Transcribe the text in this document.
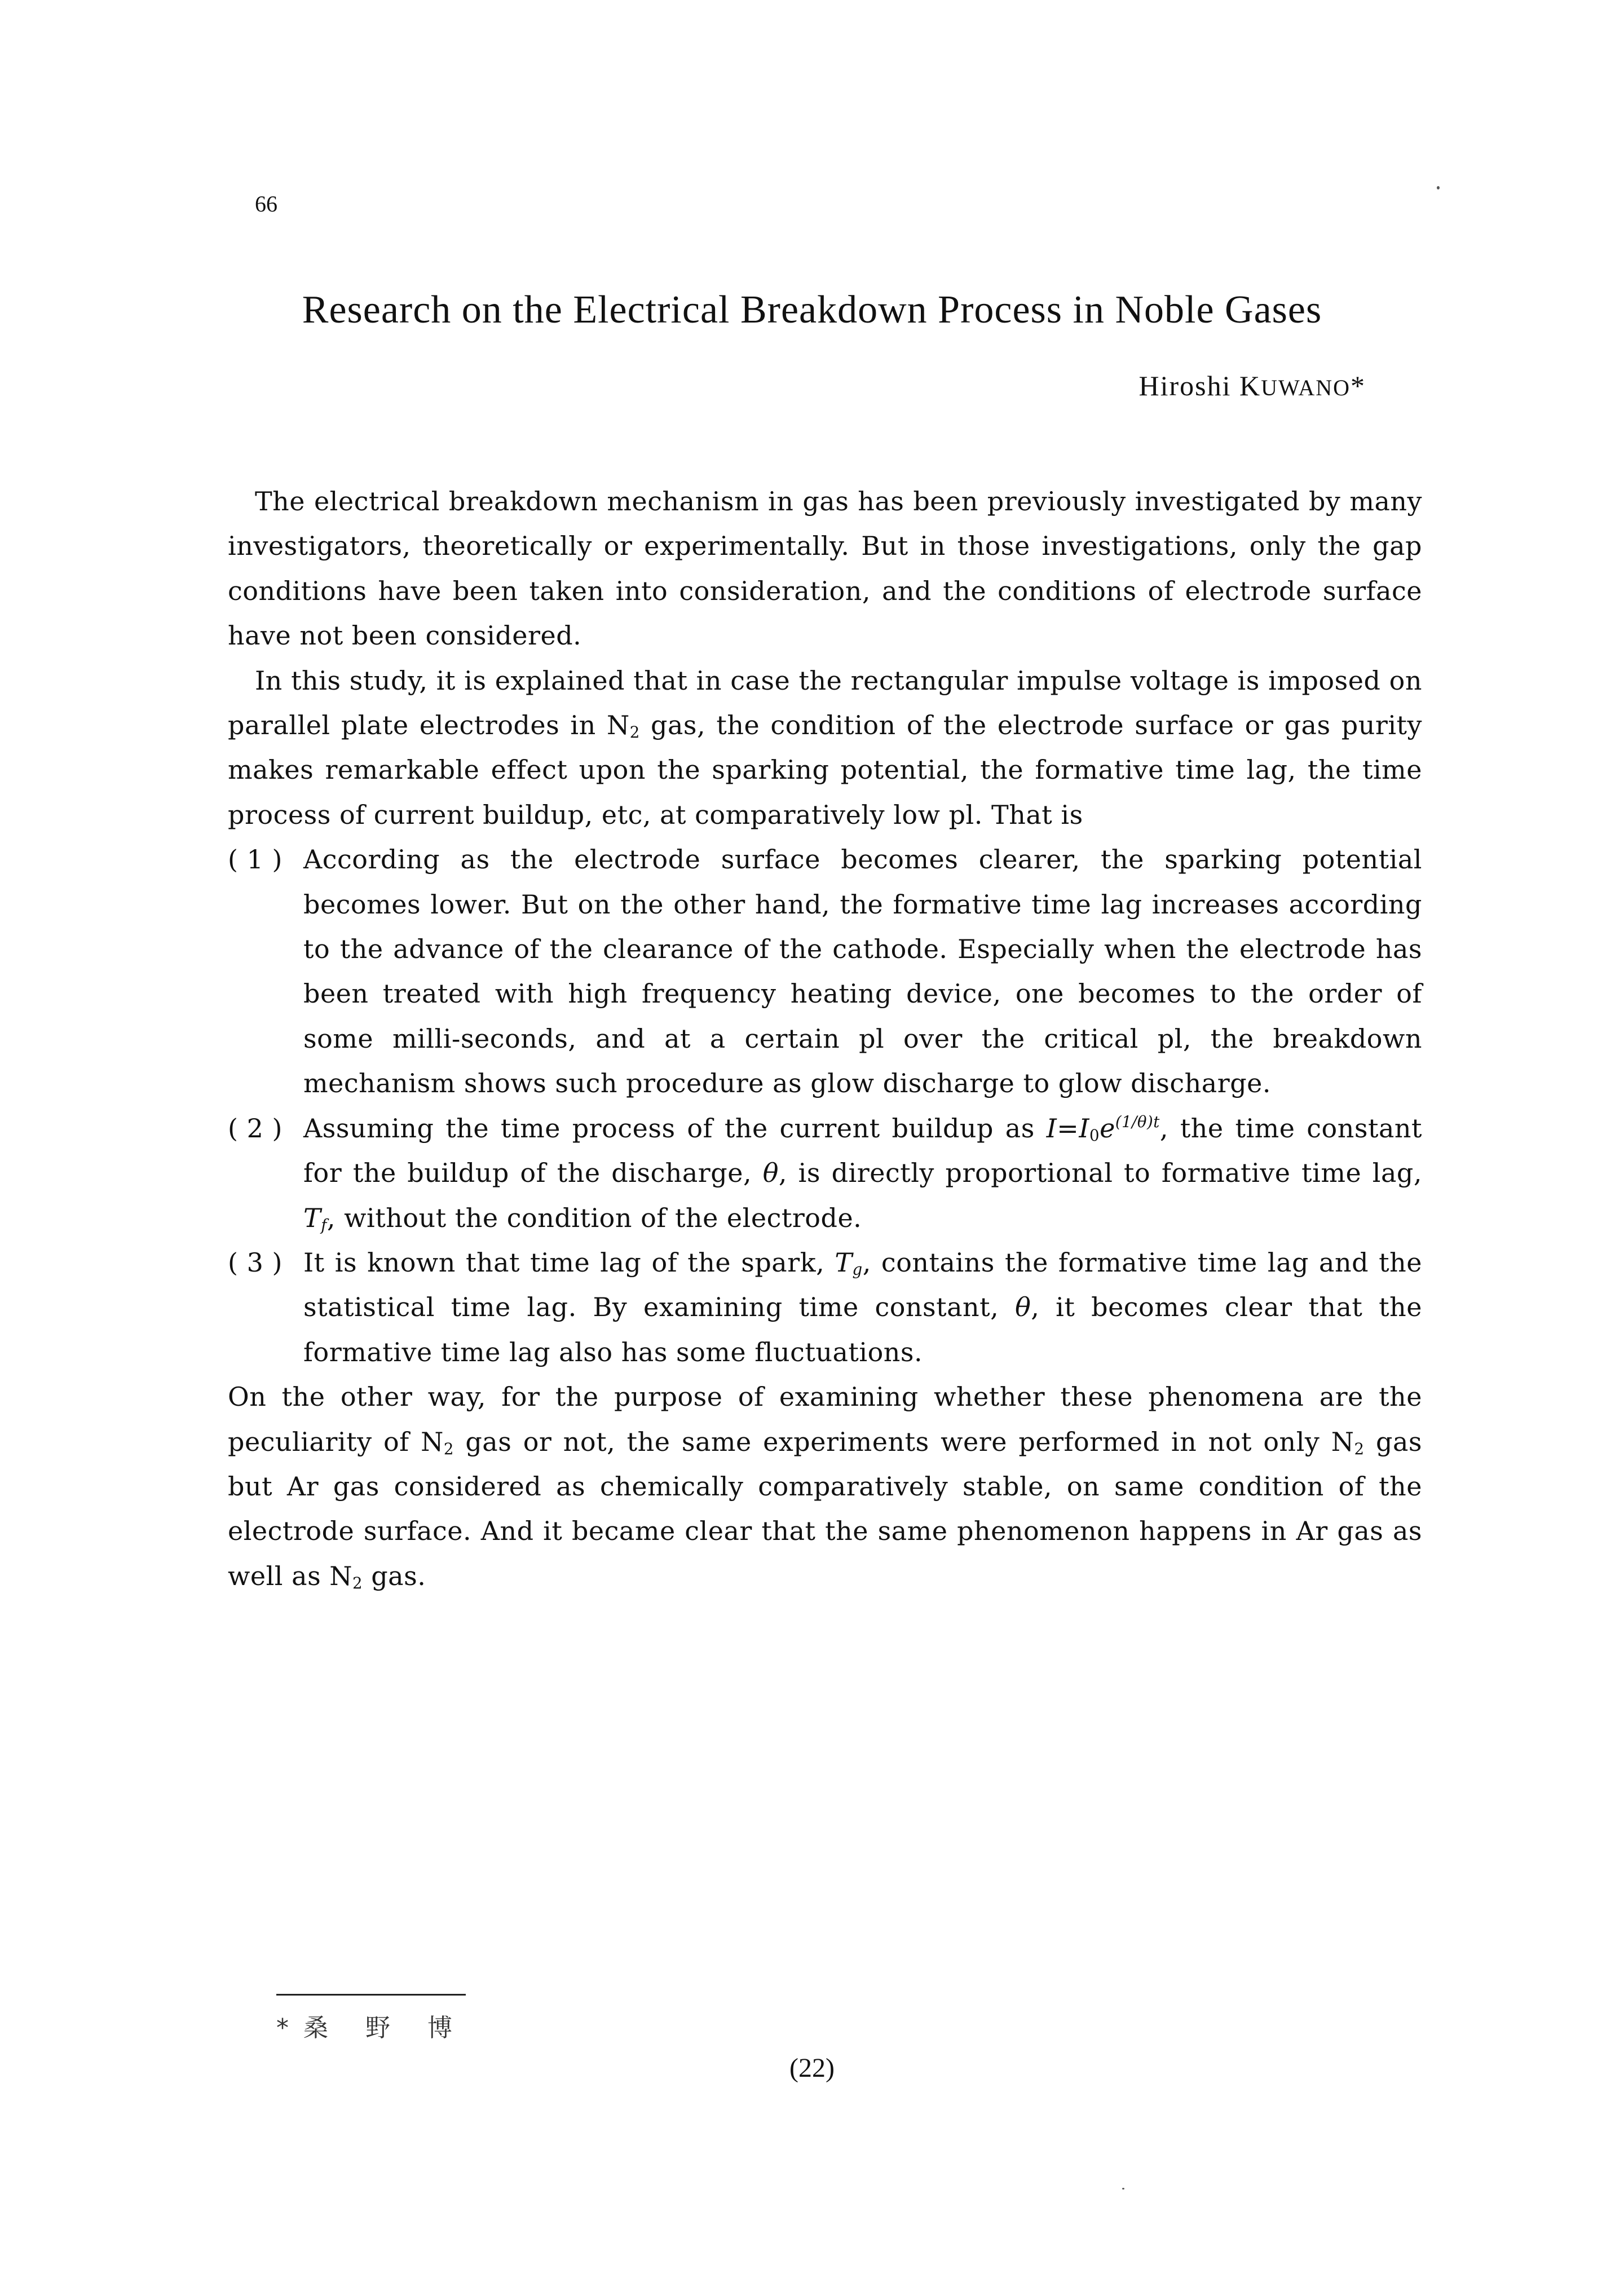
66
Research on the Electrical Breakdown Process in Noble Gases
Hiroshi KUWANO*

The electrical breakdown mechanism in gas has been previously investigated by many investigators, theoretically or experimentally. But in those investigations, only the gap conditions have been taken into consideration, and the conditions of electrode surface have not been considered.

In this study, it is explained that in case the rectangular impulse voltage is imposed on parallel plate electrodes in $N_2$ gas, the condition of the electrode surface or gas purity makes remarkable effect upon the sparking potential, the formative time lag, the time process of current buildup, etc, at comparatively low pl. That is

( 1 ) According as the electrode surface becomes clearer, the sparking potential becomes lower. But on the other hand, the formative time lag increases according to the advance of the clearance of the cathode. Especially when the electrode has been treated with high frequency heating device, one becomes to the order of some milli-seconds, and at a certain pl over the critical pl, the breakdown mechanism shows such procedure as glow discharge to glow discharge.
( 2 ) Assuming the time process of the current buildup as $I=I_0e^{(1/\theta)t}$, the time constant for the buildup of the discharge, θ, is directly proportional to formative time lag, $T_f$, without the condition of the electrode.
( 3 ) It is known that time lag of the spark, $T_g$, contains the formative time lag and the statistical time lag. By examining time constant, θ, it becomes clear that the formative time lag also has some fluctuations.

On the other way, for the purpose of examining whether these phenomena are the peculiarity of $N_2$ gas or not, the same experiments were performed in not only $N_2$ gas but Ar gas considered as chemically comparatively stable, on same condition of the electrode surface. And it became clear that the same phenomenon happens in Ar gas as well as $N_2$ gas.

*桑 野 博
(22)
